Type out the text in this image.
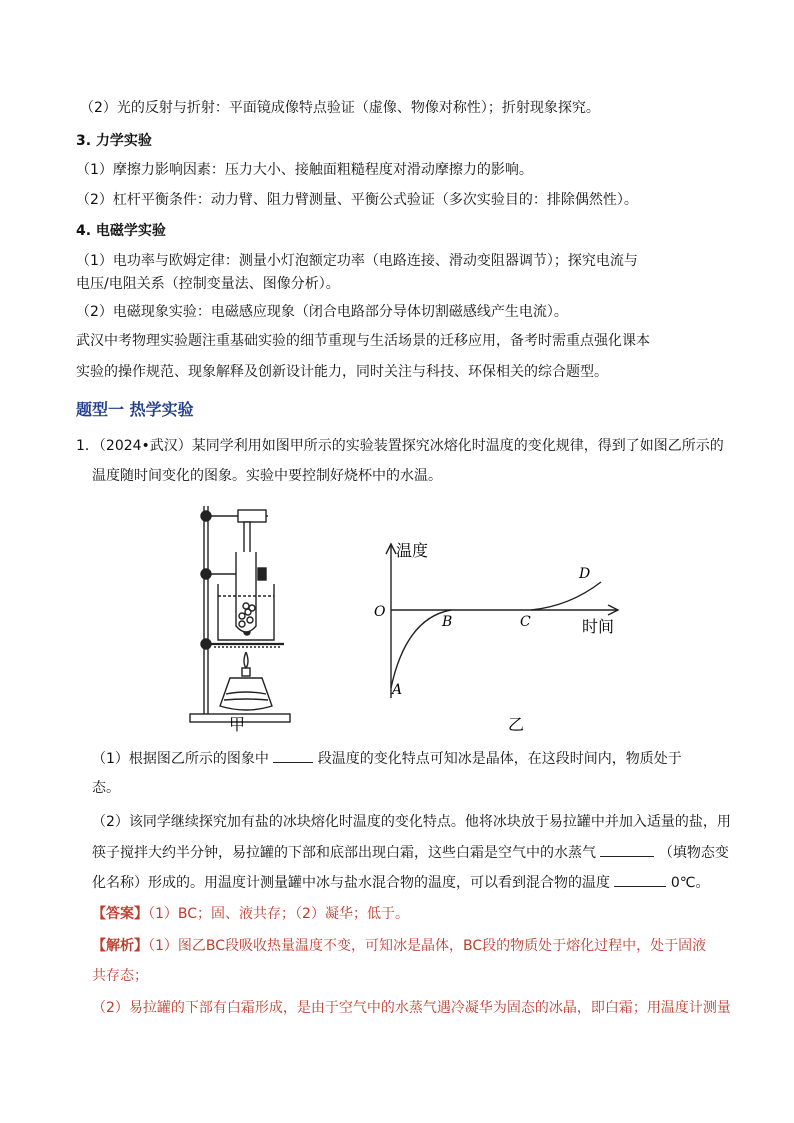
（2）光的反射与折射：平面镜成像特点验证（虚像、物像对称性）；折射现象探究。
3. 力学实验
（1）摩擦力影响因素：压力大小、接触面粗糙程度对滑动摩擦力的影响。
（2）杠杆平衡条件：动力臂、阻力臂测量、平衡公式验证（多次实验目的：排除偶然性）。
4. 电磁学实验
（1）电功率与欧姆定律：测量小灯泡额定功率（电路连接、滑动变阻器调节）；探究电流与
电压/电阻关系（控制变量法、图像分析）。
（2）电磁现象实验：电磁感应现象（闭合电路部分导体切割磁感线产生电流）。
武汉中考物理实验题注重基础实验的细节重现与生活场景的迁移应用，备考时需重点强化课本
实验的操作规范、现象解释及创新设计能力，同时关注与科技、环保相关的综合题型。
题型一 热学实验
1．（2024•武汉）某同学利用如图甲所示的实验装置探究冰熔化时温度的变化规律，得到了如图乙所示的
温度随时间变化的图象。实验中要控制好烧杯中的水温。
温度
时间
O
A
B	C
D
甲	乙
（1）根据图乙所示的图象中	段温度的变化特点可知冰是晶体，在这段时间内，物质处于
态。
（2）该同学继续探究加有盐的冰块熔化时温度的变化特点。他将冰块放于易拉罐中并加入适量的盐，用
筷子搅拌大约半分钟，易拉罐的下部和底部出现白霜，这些白霜是空气中的水蒸气	（填物态变
化名称）形成的。用温度计测量罐中冰与盐水混合物的温度，可以看到混合物的温度	0℃。
【答案】（1）BC；固、液共存；（2）凝华；低于。
【解析】（1）图乙BC段吸收热量温度不变，可知冰是晶体，BC段的物质处于熔化过程中，处于固液
共存态；
（2）易拉罐的下部有白霜形成，是由于空气中的水蒸气遇冷凝华为固态的冰晶，即白霜；用温度计测量
